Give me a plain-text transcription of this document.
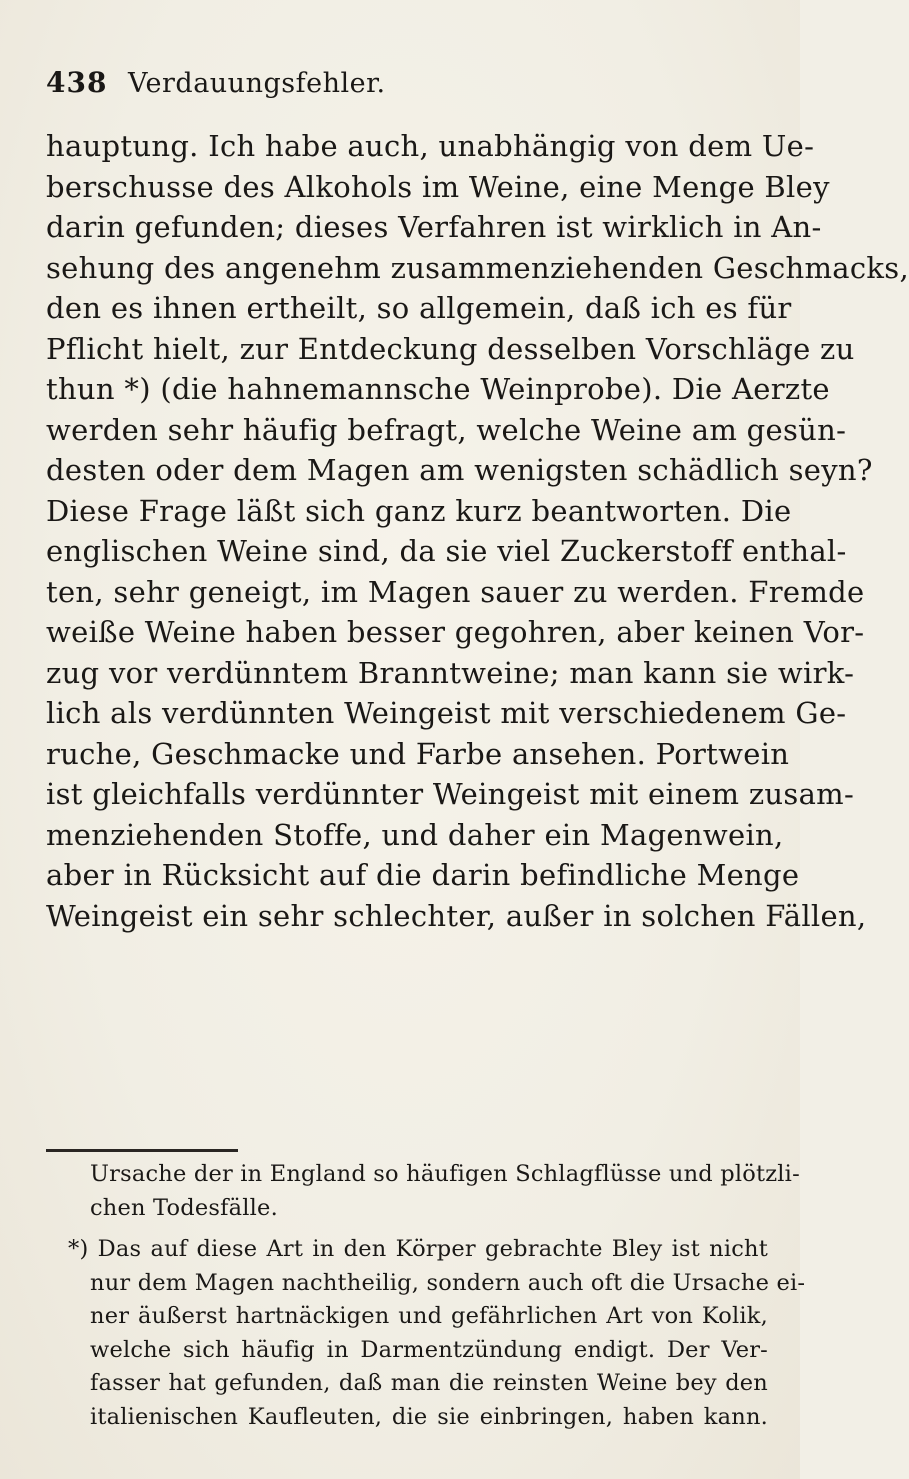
438 Verdauungsfehler.
hauptung. Ich habe auch, unabhängig von dem Ue-
berschusse des Alkohols im Weine, eine Menge Bley
darin gefunden; dieses Verfahren ist wirklich in An-
sehung des angenehm zusammenziehenden Geschmacks,
den es ihnen ertheilt, so allgemein, daß ich es für
Pflicht hielt, zur Entdeckung desselben Vorschläge zu
thun *) (die hahnemannsche Weinprobe). Die Aerzte
werden sehr häufig befragt, welche Weine am gesün-
desten oder dem Magen am wenigsten schädlich seyn?
Diese Frage läßt sich ganz kurz beantworten. Die
englischen Weine sind, da sie viel Zuckerstoff enthal-
ten, sehr geneigt, im Magen sauer zu werden. Fremde
weiße Weine haben besser gegohren, aber keinen Vor-
zug vor verdünntem Branntweine; man kann sie wirk-
lich als verdünnten Weingeist mit verschiedenem Ge-
ruche, Geschmacke und Farbe ansehen. Portwein
ist gleichfalls verdünnter Weingeist mit einem zusam-
menziehenden Stoffe, und daher ein Magenwein,
aber in Rücksicht auf die darin befindliche Menge
Weingeist ein sehr schlechter, außer in solchen Fällen,
Ursache der in England so häufigen Schlagflüsse und plötzli-
chen Todesfälle.
*) Das auf diese Art in den Körper gebrachte Bley ist nicht
nur dem Magen nachtheilig, sondern auch oft die Ursache ei-
ner äußerst hartnäckigen und gefährlichen Art von Kolik,
welche sich häufig in Darmentzündung endigt. Der Ver-
fasser hat gefunden, daß man die reinsten Weine bey den
italienischen Kaufleuten, die sie einbringen, haben kann.
